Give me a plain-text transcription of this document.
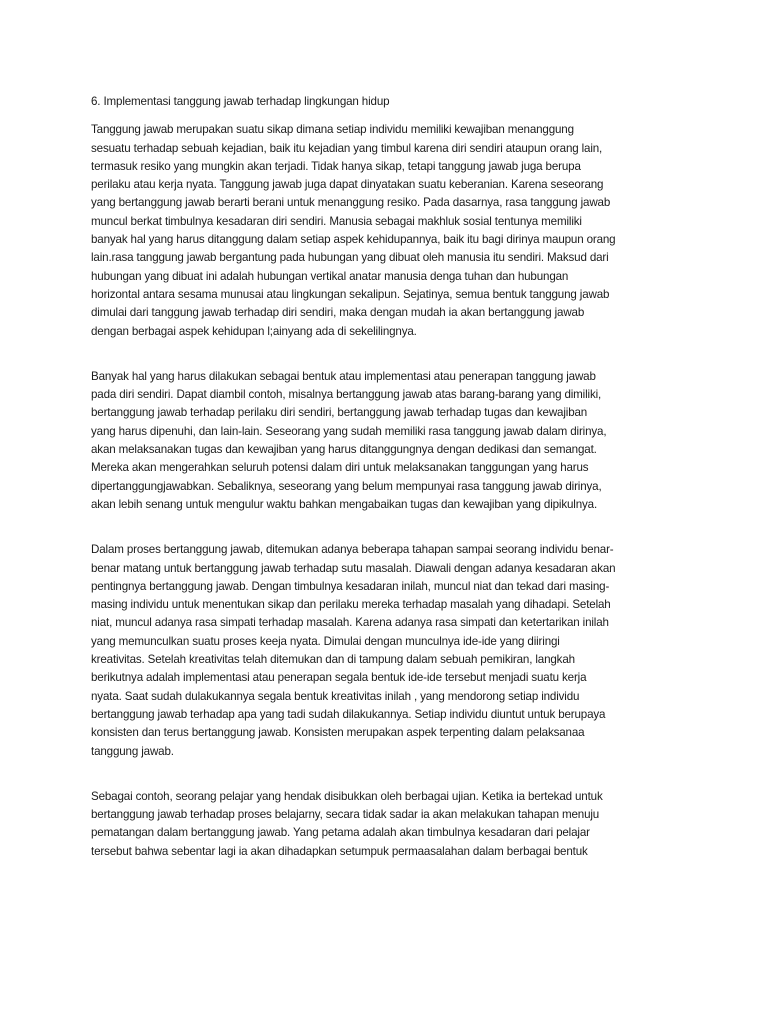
6. Implementasi tanggung jawab terhadap lingkungan hidup

Tanggung jawab merupakan suatu sikap dimana setiap individu memiliki kewajiban menanggung
sesuatu terhadap sebuah kejadian, baik itu kejadian yang timbul karena diri sendiri ataupun orang lain,
termasuk resiko yang mungkin akan terjadi. Tidak hanya sikap, tetapi tanggung jawab juga berupa
perilaku atau kerja nyata. Tanggung jawab juga dapat dinyatakan suatu keberanian. Karena seseorang
yang bertanggung jawab berarti berani untuk menanggung resiko. Pada dasarnya, rasa tanggung jawab
muncul berkat timbulnya kesadaran diri sendiri. Manusia sebagai makhluk sosial tentunya memiliki
banyak hal yang harus ditanggung dalam setiap aspek kehidupannya, baik itu bagi dirinya maupun orang
lain.rasa tanggung jawab bergantung pada hubungan yang dibuat oleh manusia itu sendiri. Maksud dari
hubungan yang dibuat ini adalah hubungan vertikal anatar manusia denga tuhan dan hubungan
horizontal antara sesama munusai atau lingkungan sekalipun. Sejatinya, semua bentuk tanggung jawab
dimulai dari tanggung jawab terhadap diri sendiri, maka dengan mudah ia akan bertanggung jawab
dengan berbagai aspek kehidupan l;ainyang ada di sekelilingnya.

Banyak hal yang harus dilakukan sebagai bentuk atau implementasi atau penerapan tanggung jawab
pada diri sendiri. Dapat diambil contoh, misalnya bertanggung jawab atas barang-barang yang dimiliki,
bertanggung jawab terhadap perilaku diri sendiri, bertanggung jawab terhadap tugas dan kewajiban
yang harus dipenuhi, dan lain-lain. Seseorang yang sudah memiliki rasa tanggung jawab dalam dirinya,
akan melaksanakan tugas dan kewajiban yang harus ditanggungnya dengan dedikasi dan semangat.
Mereka akan mengerahkan seluruh potensi dalam diri untuk melaksanakan tanggungan yang harus
dipertanggungjawabkan. Sebaliknya, seseorang yang belum mempunyai rasa tanggung jawab dirinya,
akan lebih senang untuk mengulur waktu bahkan mengabaikan tugas dan kewajiban yang dipikulnya.

Dalam proses bertanggung jawab, ditemukan adanya beberapa tahapan sampai seorang individu benar-
benar matang untuk bertanggung jawab terhadap sutu masalah. Diawali dengan adanya kesadaran akan
pentingnya bertanggung jawab. Dengan timbulnya kesadaran inilah, muncul niat dan tekad dari masing-
masing individu untuk menentukan sikap dan perilaku mereka terhadap masalah yang dihadapi. Setelah
niat, muncul adanya rasa simpati terhadap masalah. Karena adanya rasa simpati dan ketertarikan inilah
yang memunculkan suatu proses keeja nyata. Dimulai dengan munculnya ide-ide yang diiringi
kreativitas. Setelah kreativitas telah ditemukan dan di tampung dalam sebuah pemikiran, langkah
berikutnya adalah implementasi atau penerapan segala bentuk ide-ide tersebut menjadi suatu kerja
nyata. Saat sudah dulakukannya segala bentuk kreativitas inilah , yang mendorong setiap individu
bertanggung jawab terhadap apa yang tadi sudah dilakukannya. Setiap individu diuntut untuk berupaya
konsisten dan terus bertanggung jawab. Konsisten merupakan aspek terpenting dalam pelaksanaa
tanggung jawab.

Sebagai contoh, seorang pelajar yang hendak disibukkan oleh berbagai ujian. Ketika ia bertekad untuk
bertanggung jawab terhadap proses belajarny, secara tidak sadar ia akan melakukan tahapan menuju
pematangan dalam bertanggung jawab. Yang petama adalah akan timbulnya kesadaran dari pelajar
tersebut bahwa sebentar lagi ia akan dihadapkan setumpuk permaasalahan dalam berbagai bentuk
